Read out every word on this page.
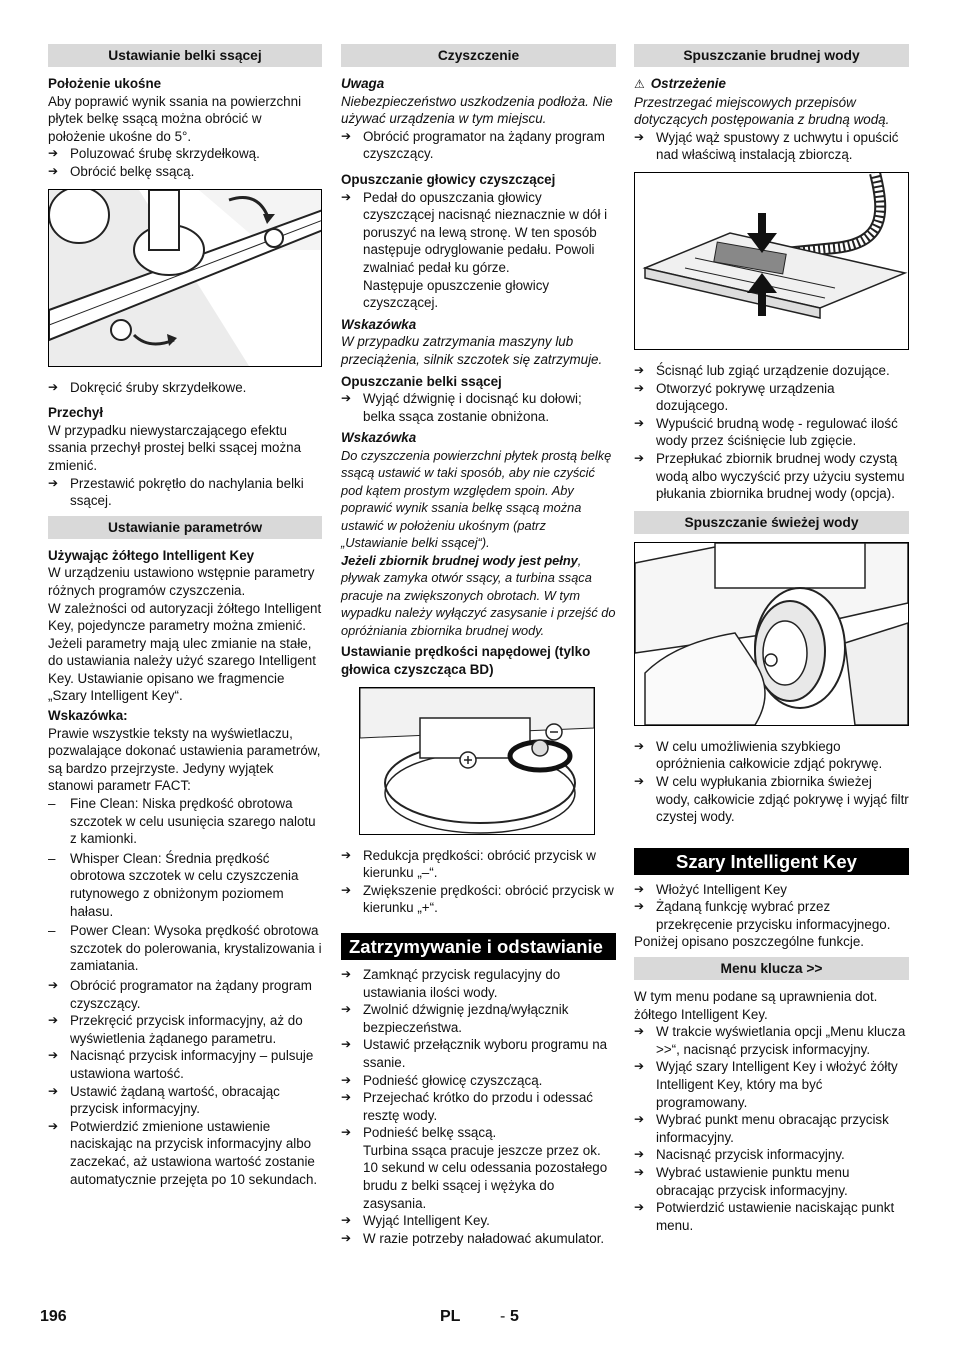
Ustawianie belki ssącej
Położenie ukośne

Aby poprawić wynik ssania na powierzchni płytek belkę ssącą można obrócić w położenie ukośne do 5°.

➔ Poluzować śrubę skrzydełkową.

➔ Obrócić belkę ssącą.

➔ Dokręcić śruby skrzydełkowe.

Przechył

W przypadku niewystarczającego efektu ssania przechył prostej belki ssącej można zmienić.

➔ Przestawić pokrętło do nachylania belki ssącej.

Ustawianie parametrów
Używając żółtego Intelligent Key

W urządzeniu ustawiono wstępnie parametry różnych programów czyszczenia.

W zależności od autoryzacji żółtego Intelligent Key, pojedyncze parametry można zmienić.

Jeżeli parametry mają ulec zmianie na stałe, do ustawiania należy użyć szarego Intelligent Key. Ustawianie opisano we fragmencie „Szary Intelligent Key“.

Wskazówka:

Prawie wszystkie teksty na wyświetlaczu, pozwalające dokonać ustawienia parametrów, są bardzo przejrzyste. Jedyny wyjątek stanowi parametr FACT:

– Fine Clean: Niska prędkość obrotowa szczotek w celu usunięcia szarego nalotu z kamionki.

– Whisper Clean: Średnia prędkość obrotowa szczotek w celu czyszczenia rutynowego z obniżonym poziomem hałasu.

– Power Clean: Wysoka prędkość obrotowa szczotek do polerowania, krystalizowania i zamiatania.

➔ Obrócić programator na żądany program czyszczący.

➔ Przekręcić przycisk informacyjny, aż do wyświetlenia żądanego parametru.

➔ Nacisnąć przycisk informacyjny – pulsuje ustawiona wartość.

➔ Ustawić żądaną wartość, obracając przycisk informacyjny.

➔ Potwierdzić zmienione ustawienie naciskając na przycisk informacyjny albo zaczekać, aż ustawiona wartość zostanie automatycznie przejęta po 10 sekundach.

Czyszczenie
Uwaga

Niebezpieczeństwo uszkodzenia podłoża. Nie używać urządzenia w tym miejscu.

➔ Obrócić programator na żądany program czyszczący.

Opuszczanie głowicy czyszczącej

➔ Pedał do opuszczania głowicy czyszczącej nacisnąć nieznacznie w dół i poruszyć na lewą stronę. W ten sposób następuje odryglowanie pedału. Powoli zwalniać pedał ku górze.

Następuje opuszczenie głowicy czyszczącej.

Wskazówka

W przypadku zatrzymania maszyny lub przeciążenia, silnik szczotek się zatrzymuje.

Opuszczanie belki ssącej

➔ Wyjąć dźwignię i docisnąć ku dołowi; belka ssąca zostanie obniżona.

Wskazówka

Do czyszczenia powierzchni płytek prostą belkę ssącą ustawić w taki sposób, aby nie czyścić pod kątem prostym względem spoin. Aby poprawić wynik ssania belkę ssącą można ustawić w położeniu ukośnym (patrz „Ustawianie belki ssącej“).
Jeżeli zbiornik brudnej wody jest pełny, pływak zamyka otwór ssący, a turbina ssąca pracuje na zwiększonych obrotach. W tym wypadku należy wyłączyć zasysanie i przejść do opróżniania zbiornika brudnej wody.

Ustawianie prędkości napędowej (tylko głowica czyszcząca BD)

➔ Redukcja prędkości: obrócić przycisk w kierunku „–“.

➔ Zwiększenie prędkości: obrócić przycisk w kierunku „+“.

Zatrzymywanie i odstawianie

➔ Zamknąć przycisk regulacyjny do ustawiania ilości wody.

➔ Zwolnić dźwignię jezdną/wyłącznik bezpieczeństwa.

➔ Ustawić przełącznik wyboru programu na ssanie.

➔ Podnieść głowicę czyszczącą.

➔ Przejechać krótko do przodu i odessać resztę wody.

➔ Podnieść belkę ssącą.

Turbina ssąca pracuje jeszcze przez ok. 10 sekund w celu odessania pozostałego brudu z belki ssącej i wężyka do zasysania.

➔ Wyjąć Intelligent Key.

➔ W razie potrzeby naładować akumulator.

Spuszczanie brudnej wody
⚠ Ostrzeżenie

Przestrzegać miejscowych przepisów dotyczących postępowania z brudną wodą.

➔ Wyjąć wąż spustowy z uchwytu i opuścić nad właściwą instalacją zbiorczą.

➔ Ścisnąć lub zgiąć urządzenie dozujące.

➔ Otworzyć pokrywę urządzenia dozującego.

➔ Wypuścić brudną wodę - regulować ilość wody przez ściśnięcie lub zgięcie.

➔ Przepłukać zbiornik brudnej wody czystą wodą albo wyczyścić przy użyciu systemu płukania zbiornika brudnej wody (opcja).

Spuszczanie świeżej wody

➔ W celu umożliwienia szybkiego opróżnienia całkowicie zdjąć pokrywę.

➔ W celu wypłukania zbiornika świeżej wody, całkowicie zdjąć pokrywę i wyjąć filtr czystej wody.

Szary Intelligent Key

➔ Włożyć Intelligent Key

➔ Żądaną funkcję wybrać przez przekręcenie przycisku informacyjnego.

Poniżej opisano poszczególne funkcje.

Menu klucza >>

W tym menu podane są uprawnienia dot. żółtego Intelligent Key.

➔ W trakcie wyświetlania opcji „Menu klucza >>“, nacisnąć przycisk informacyjny.

➔ Wyjąć szary Intelligent Key i włożyć żółty Intelligent Key, który ma być programowany.

➔ Wybrać punkt menu obracając przycisk informacyjny.

➔ Nacisnąć przycisk informacyjny.

➔ Wybrać ustawienie punktu menu obracając przycisk informacyjny.

➔ Potwierdzić ustawienie naciskając punkt menu.

196	PL - 5
